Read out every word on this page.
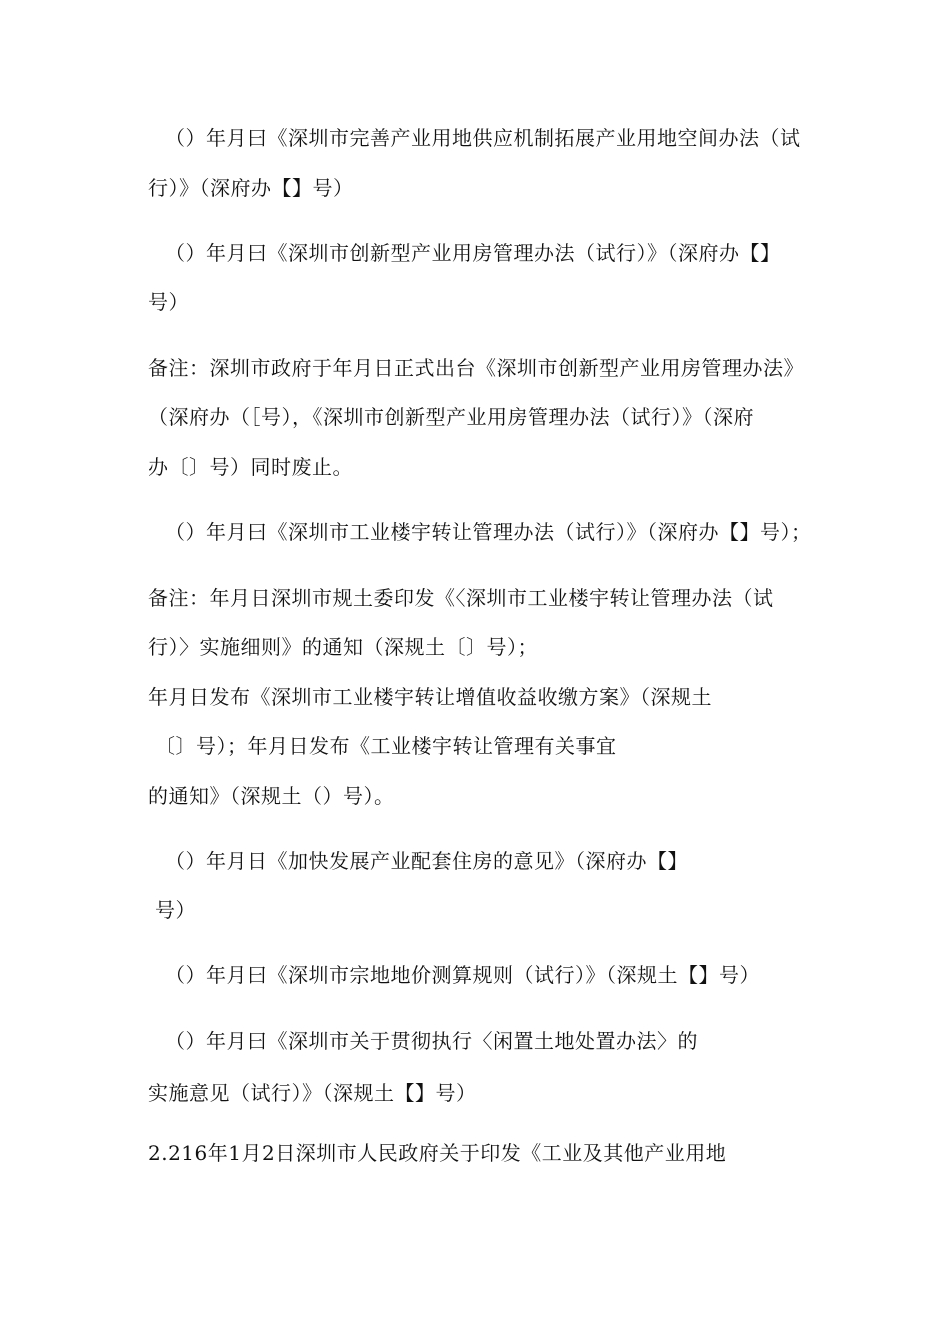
（）年月曰《深圳市完善产业用地供应机制拓展产业用地空间办法（试
行）》（深府办【】号）
（）年月曰《深圳市创新型产业用房管理办法（试行）》（深府办【】
号）
备注：深圳市政府于年月日正式出台《深圳市创新型产业用房管理办法》
（深府办（［号），《深圳市创新型产业用房管理办法（试行）》（深府
办〔〕号）同时废止。
（）年月曰《深圳市工业楼宇转让管理办法（试行）》（深府办【】号）；
备注：年月日深圳市规土委印发《〈深圳市工业楼宇转让管理办法（试
行）〉实施细则》的通知（深规土〔〕号）；
年月日发布《深圳市工业楼宇转让增值收益收缴方案》（深规土
〔〕号）；年月日发布《工业楼宇转让管理有关事宜
的通知》（深规土（）号）。
（）年月日《加快发展产业配套住房的意见》（深府办【】
号）
（）年月曰《深圳市宗地地价测算规则（试行）》（深规土【】号）
（）年月曰《深圳市关于贯彻执行〈闲置土地处置办法〉的
实施意见（试行）》（深规土【】号）
2.216年1月2日深圳市人民政府关于印发《工业及其他产业用地
